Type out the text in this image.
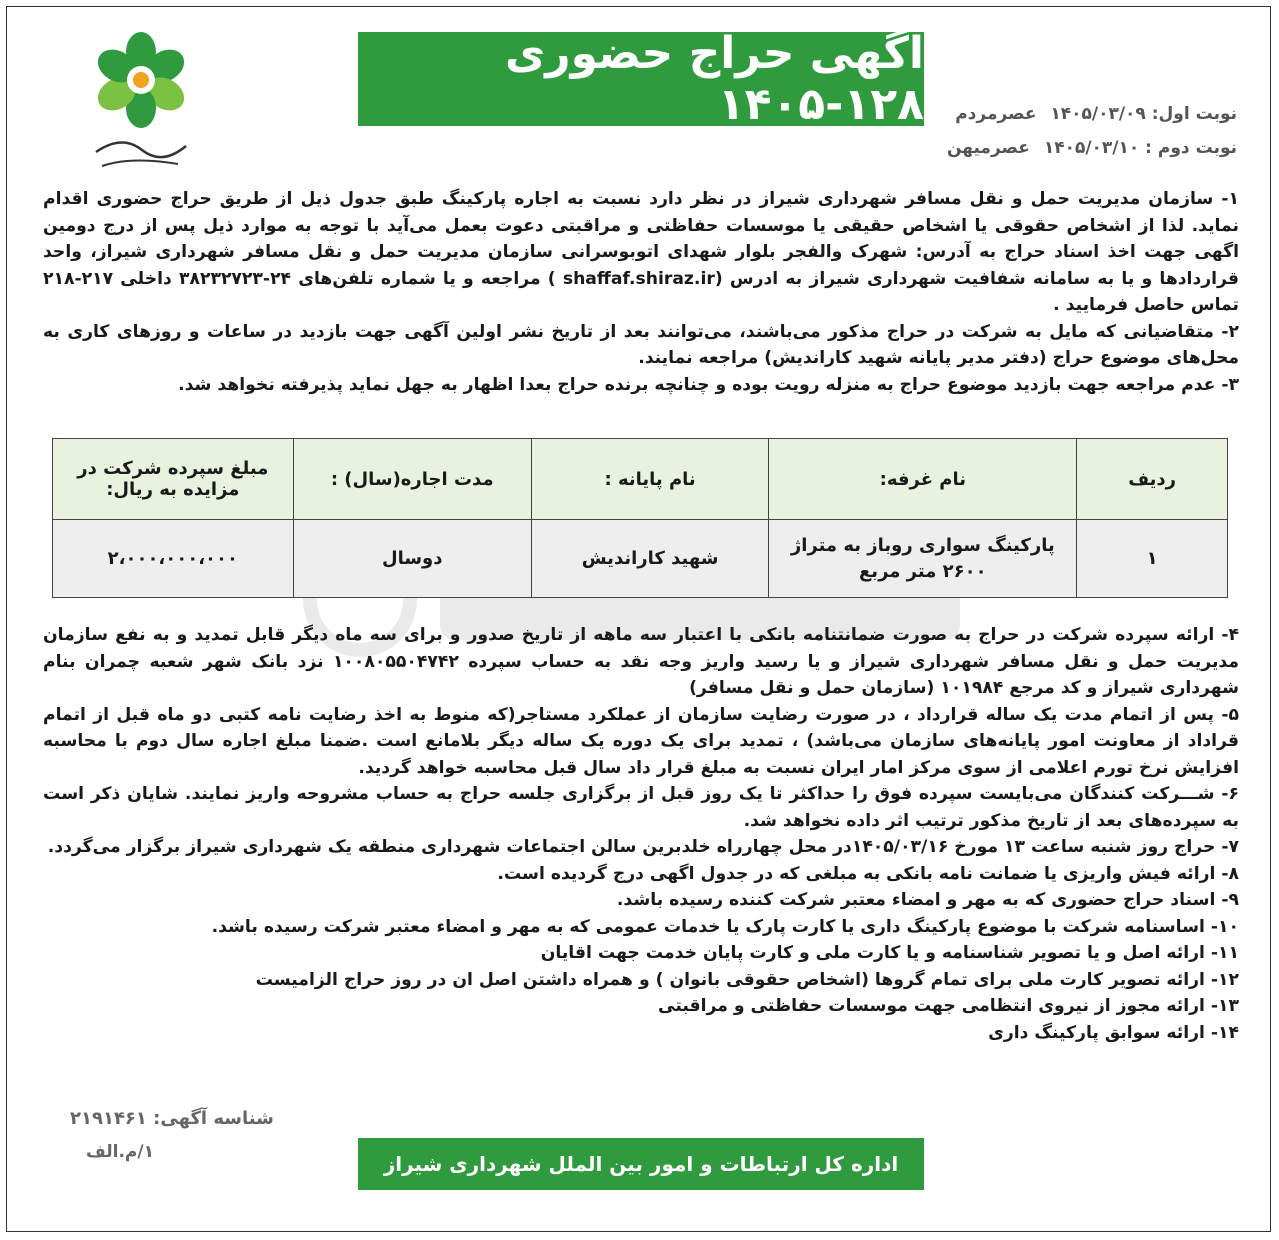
آگهی حراج حضوری ۱۲۸-۱۴۰۵	نوبت اول: ۱۴۰۵/۰۳/۰۹ عصرمردم
نوبت دوم : ۱۴۰۵/۰۳/۱۰ عصرمیهن

۱- سازمان مدیریت حمل و نقل مسافر شهرداری شیراز در نظر دارد نسبت به اجاره پارکینگ طبق جدول ذیل از طریق حراج حضوری اقدام نماید. لذا از اشخاص حقوقی یا اشخاص حقیقی یا موسسات حفاظتی و مراقبتی دعوت بعمل می‌آید با توجه به موارد ذیل پس از درج دومین اگهی جهت اخذ اسناد حراج به آدرس: شهرک والفجر بلوار شهدای اتوبوسرانی سازمان مدیریت حمل و نقل مسافر شهرداری شیراز، واحد قراردادها و یا به سامانه شفافیت شهرداری شیراز به ادرس (shaffaf.shiraz.ir ) مراجعه و یا شماره تلفن‌های ۲۴-۳۸۲۳۲۷۲۳ داخلی ۲۱۷-۲۱۸ تماس حاصل فرمایید .

۲- متقاضیانی که مایل به شرکت در حراج مذکور می‌باشند، می‌توانند بعد از تاریخ نشر اولین آگهی جهت بازدید در ساعات و روزهای کاری به محل‌های موضوع حراج (دفتر مدیر پایانه شهید کاراندیش) مراجعه نمایند.

۳- عدم مراجعه جهت بازدید موضوع حراج به منزله رویت بوده و چنانچه برنده حراج بعدا اظهار به جهل نماید پذیرفته نخواهد شد.

ردیف	نام غرفه:	نام پایانه :	مدت اجاره(سال) :	مبلغ سپرده شرکت در مزایده به ریال:
۱	پارکینگ سواری روباز به متراژ ۲۶۰۰ متر مربع	شهید کاراندیش	دوسال	۲،۰۰۰،۰۰۰،۰۰۰

۴- ارائه سپرده شرکت در حراج به صورت ضمانتنامه بانکی با اعتبار سه ماهه از تاریخ صدور و برای سه ماه دیگر قابل تمدید و به نفع سازمان مدیریت حمل و نقل مسافر شهرداری شیراز و یا رسید واریز وجه نقد به حساب سپرده ۱۰۰۸۰۵۵۰۴۷۴۲ نزد بانک شهر شعبه چمران بنام شهرداری شیراز و کد مرجع ۱۰۱۹۸۴ (سازمان حمل و نقل مسافر)

۵- پس از اتمام مدت یک ساله قرارداد ، در صورت رضایت سازمان از عملکرد مستاجر(که منوط به اخذ رضایت نامه کتبی دو ماه قبل از اتمام قراداد از معاونت امور پایانه‌های سازمان می‌باشد) ، تمدید برای یک دوره یک ساله دیگر بلامانع است .ضمنا مبلغ اجاره سال دوم با محاسبه افزایش نرخ تورم اعلامی از سوی مرکز امار ایران نسبت به مبلغ قرار داد سال قبل محاسبه خواهد گردید.

۶- شـــرکت کنندگان می‌بایست سپرده فوق را حداکثر تا یک روز قبل از برگزاری جلسه حراج به حساب مشروحه واریز نمایند. شایان ذکر است به سپرده‌های بعد از تاریخ مذکور ترتیب اثر داده نخواهد شد.

۷- حراج روز شنبه ساعت ۱۳ مورخ ۱۴۰۵/۰۳/۱۶در محل چهارراه خلدبرین سالن اجتماعات شهرداری منطقه یک شهرداری شیراز برگزار می‌گردد.

۸- ارائه فیش واریزی یا ضمانت نامه بانکی به مبلغی که در جدول اگهی درج گردیده است.

۹- اسناد حراج حضوری که به مهر و امضاء معتبر شرکت کننده رسیده باشد.

۱۰- اساسنامه شرکت با موضوع پارکینگ داری یا کارت پارک یا خدمات عمومی که به مهر و امضاء معتبر شرکت رسیده باشد.

۱۱- ارائه اصل و یا تصویر شناسنامه و یا کارت ملی و کارت پایان خدمت جهت اقایان

۱۲- ارائه تصویر کارت ملی برای تمام گروها (اشخاص حقوقی بانوان ) و همراه داشتن اصل ان در روز حراج الزامیست

۱۳- ارائه مجوز از نیروی انتظامی جهت موسسات حفاظتی و مراقبتی

۱۴- ارائه سوابق پارکینگ داری

شناسه آگهی: ۲۱۹۱۴۶۱
۱/م.الف	اداره کل ارتباطات و امور بین الملل شهرداری شیراز
